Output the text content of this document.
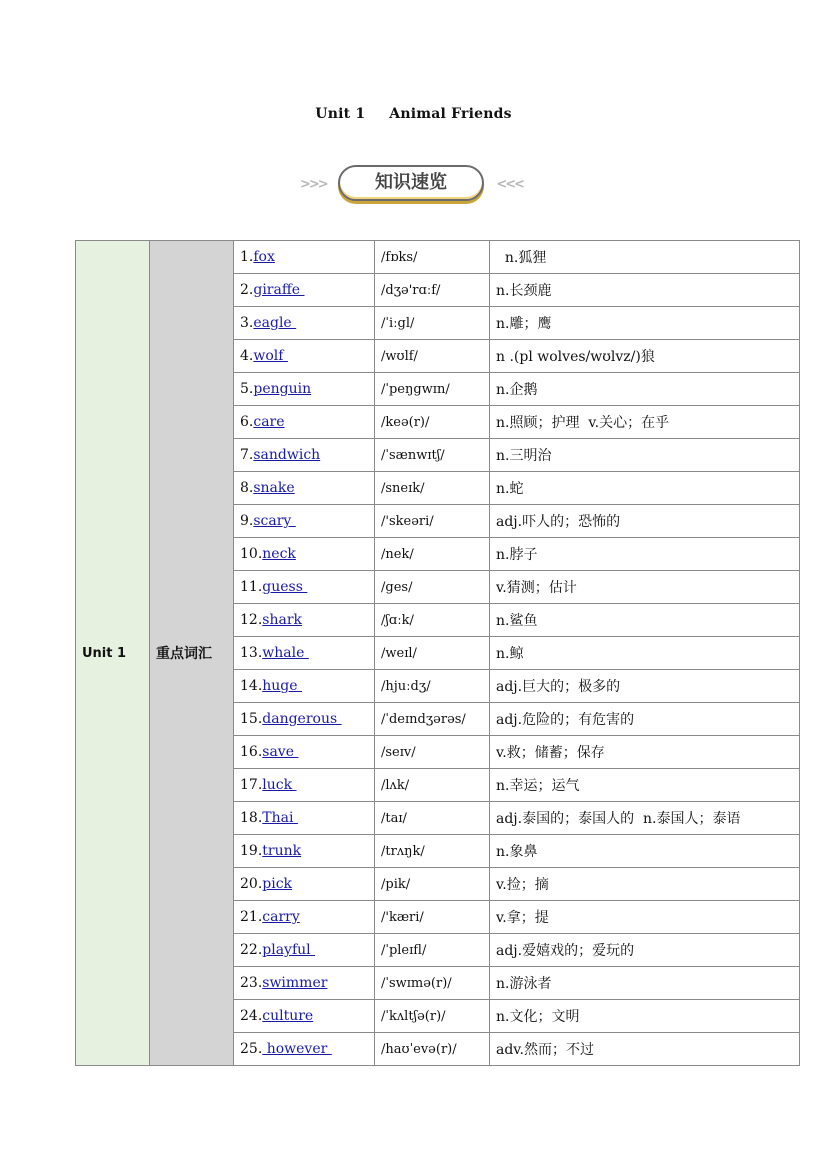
Unit 1 Animal Friends
>>>	知识速览	<<<
Unit 1	重点词汇	1.fox	/fɒks/	n.狐狸
		2.giraffe	/dʒə'rɑːf/	n.长颈鹿
		3.eagle	/ˈiːgl/	n.雕；鹰
		4.wolf	/wʊlf/	n .(pl wolves/wʊlvz/)狼
		5.penguin	/ˈpeŋgwɪn/	n.企鹅
		6.care	/keə(r)/	n.照顾；护理  v.关心；在乎
		7.sandwich	/ˈsænwɪtʃ/	n.三明治
		8.snake	/sneɪk/	n.蛇
		9.scary	/'skeəri/	adj.吓人的；恐怖的
		10.neck	/nek/	n.脖子
		11.guess	/ges/	v.猜测；估计
		12.shark	/ʃɑːk/	n.鲨鱼
		13.whale	/weɪl/	n.鲸
		14.huge	/hjuːdʒ/	adj.巨大的；极多的
		15.dangerous	/ˈdeɪndʒərəs/	adj.危险的；有危害的
		16.save	/seɪv/	v.救；储蓄；保存
		17.luck	/lʌk/	n.幸运；运气
		18.Thai	/taɪ/	adj.泰国的；泰国人的  n.泰国人；泰语
		19.trunk	/trʌŋk/	n.象鼻
		20.pick	/pik/	v.捡；摘
		21.carry	/'kæri/	v.拿；提
		22.playful	/ˈpleɪfl/	adj.爱嬉戏的；爱玩的
		23.swimmer	/ˈswɪmə(r)/	n.游泳者
		24.culture	/ˈkʌltʃə(r)/	n.文化；文明
		25. however	/haʊˈevə(r)/	adv.然而；不过
